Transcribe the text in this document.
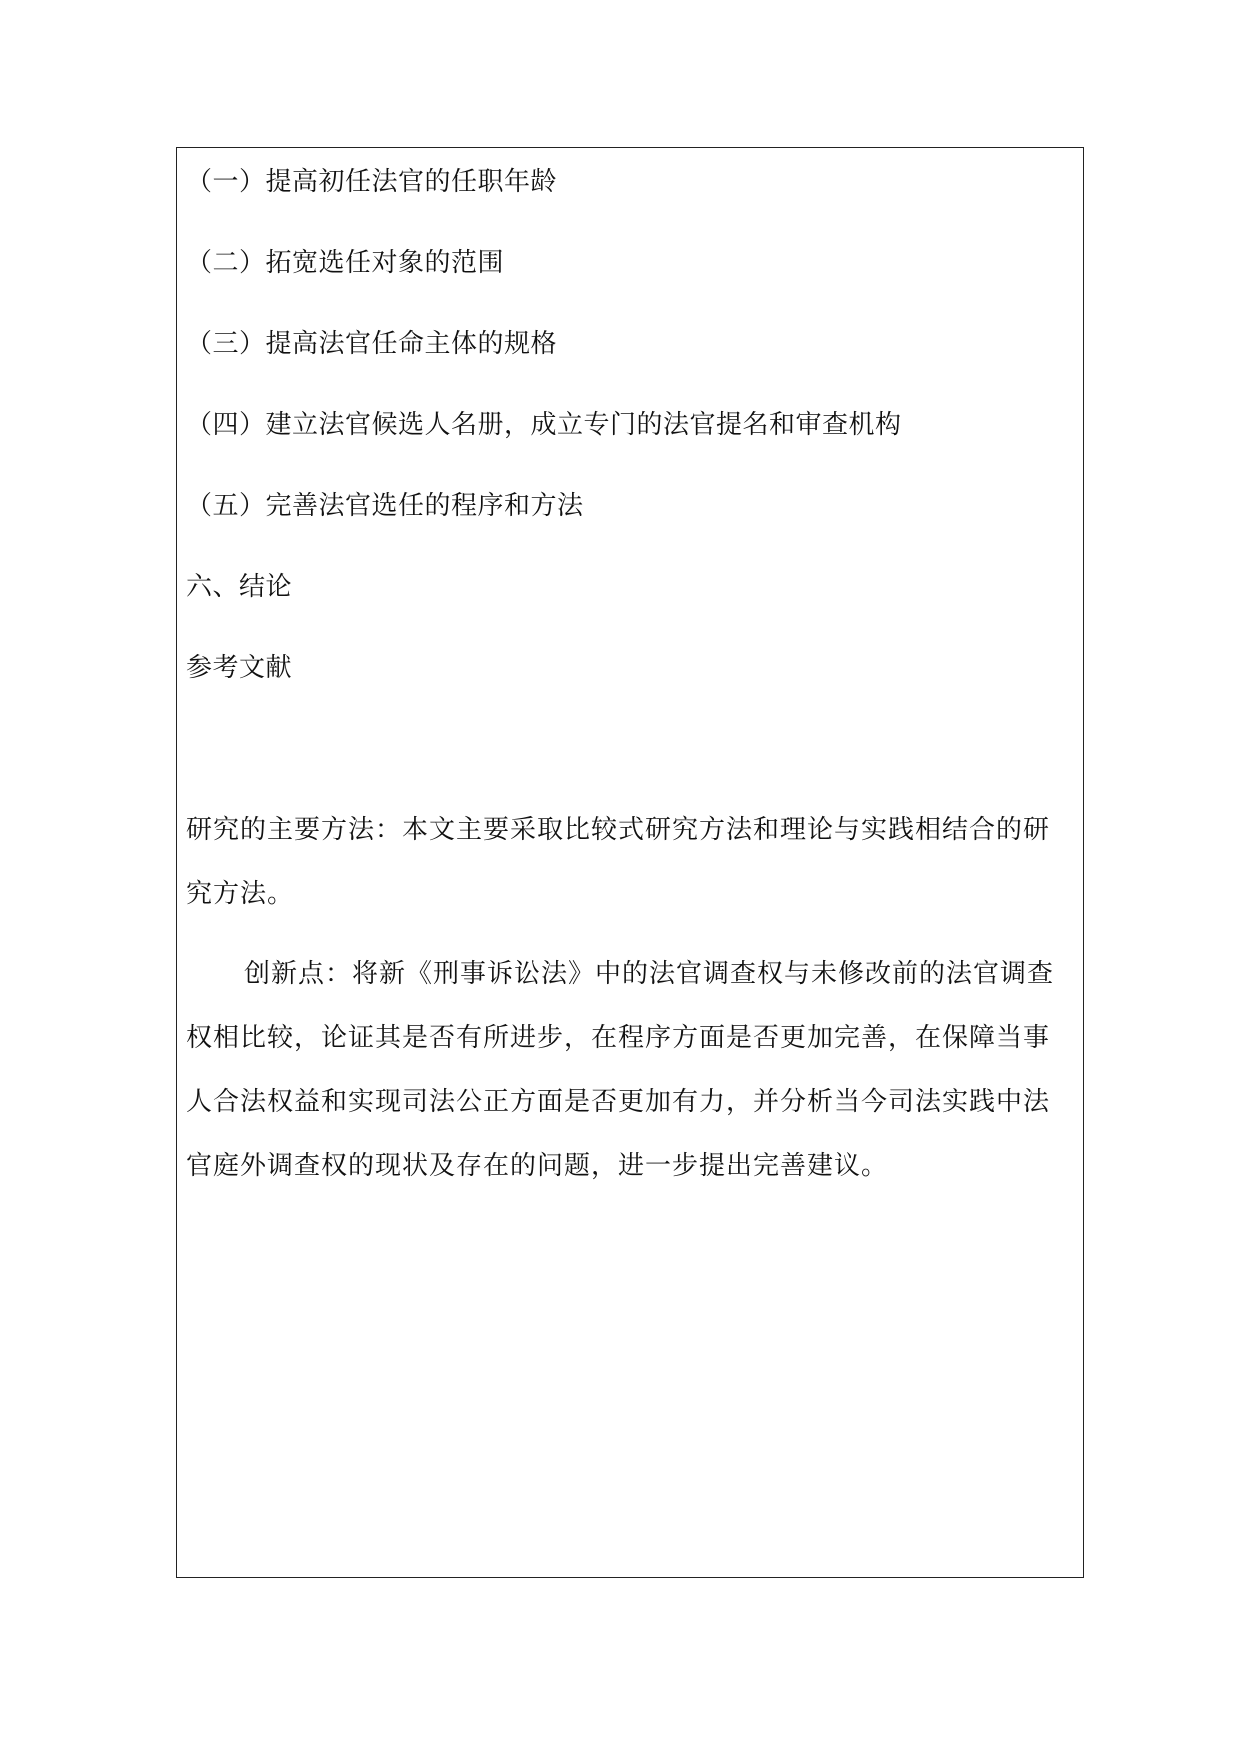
（一）提高初任法官的任职年龄
（二）拓宽选任对象的范围
（三）提高法官任命主体的规格
（四）建立法官候选人名册，成立专门的法官提名和审查机构
（五）完善法官选任的程序和方法
六、结论
参考文献
研究的主要方法：本文主要采取比较式研究方法和理论与实践相结合的研究方法。
创新点：将新《刑事诉讼法》中的法官调查权与未修改前的法官调查权相比较，论证其是否有所进步，在程序方面是否更加完善，在保障当事人合法权益和实现司法公正方面是否更加有力，并分析当今司法实践中法官庭外调查权的现状及存在的问题，进一步提出完善建议。
